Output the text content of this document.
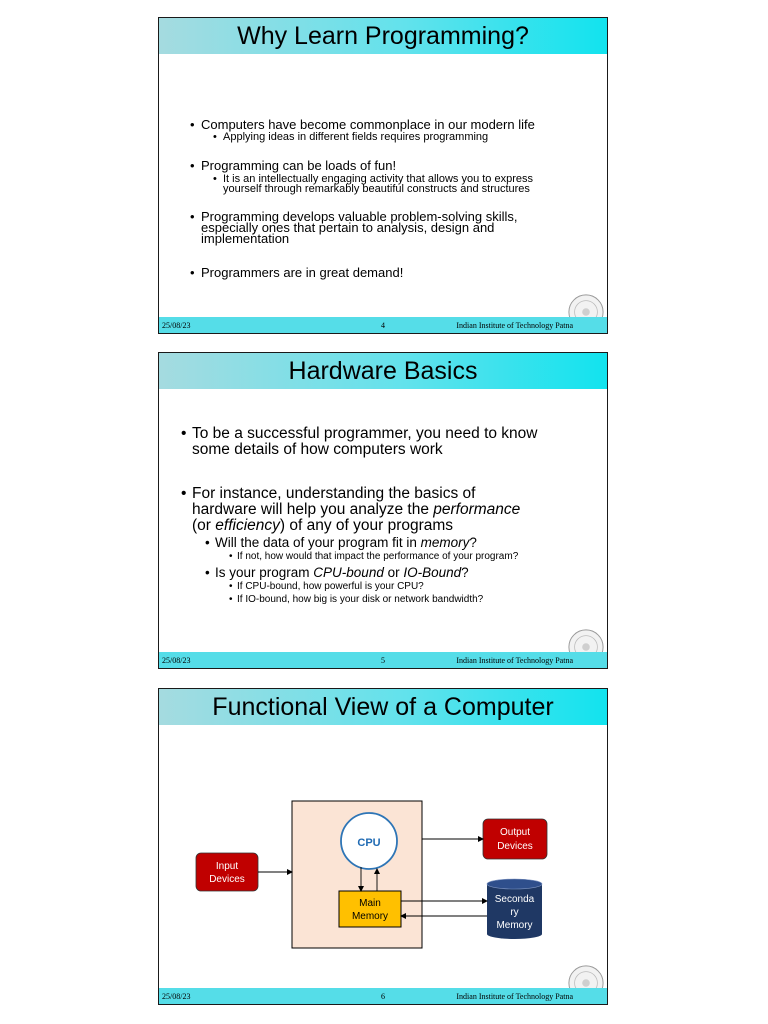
Why Learn Programming?
• Computers have become commonplace in our modern life
• Applying ideas in different fields requires programming
• Programming can be loads of fun!
• It is an intellectually engaging activity that allows you to express
yourself through remarkably beautiful constructs and structures
• Programming develops valuable problem-solving skills,
especially ones that pertain to analysis, design and
implementation
• Programmers are in great demand!
25/08/23	4	Indian Institute of Technology Patna
Hardware Basics
• To be a successful programmer, you need to know
some details of how computers work
• For instance, understanding the basics of
hardware will help you analyze the performance
(or efficiency) of any of your programs
• Will the data of your program fit in memory?
• If not, how would that impact the performance of your program?
• Is your program CPU-bound or IO-Bound?
• If CPU-bound, how powerful is your CPU?
• If IO-bound, how big is your disk or network bandwidth?
25/08/23	5	Indian Institute of Technology Patna
Functional View of a Computer
CPU
Main
Memory
Input
Devices
Output
Devices
Seconda
ry
Memory
25/08/23	6	Indian Institute of Technology Patna
